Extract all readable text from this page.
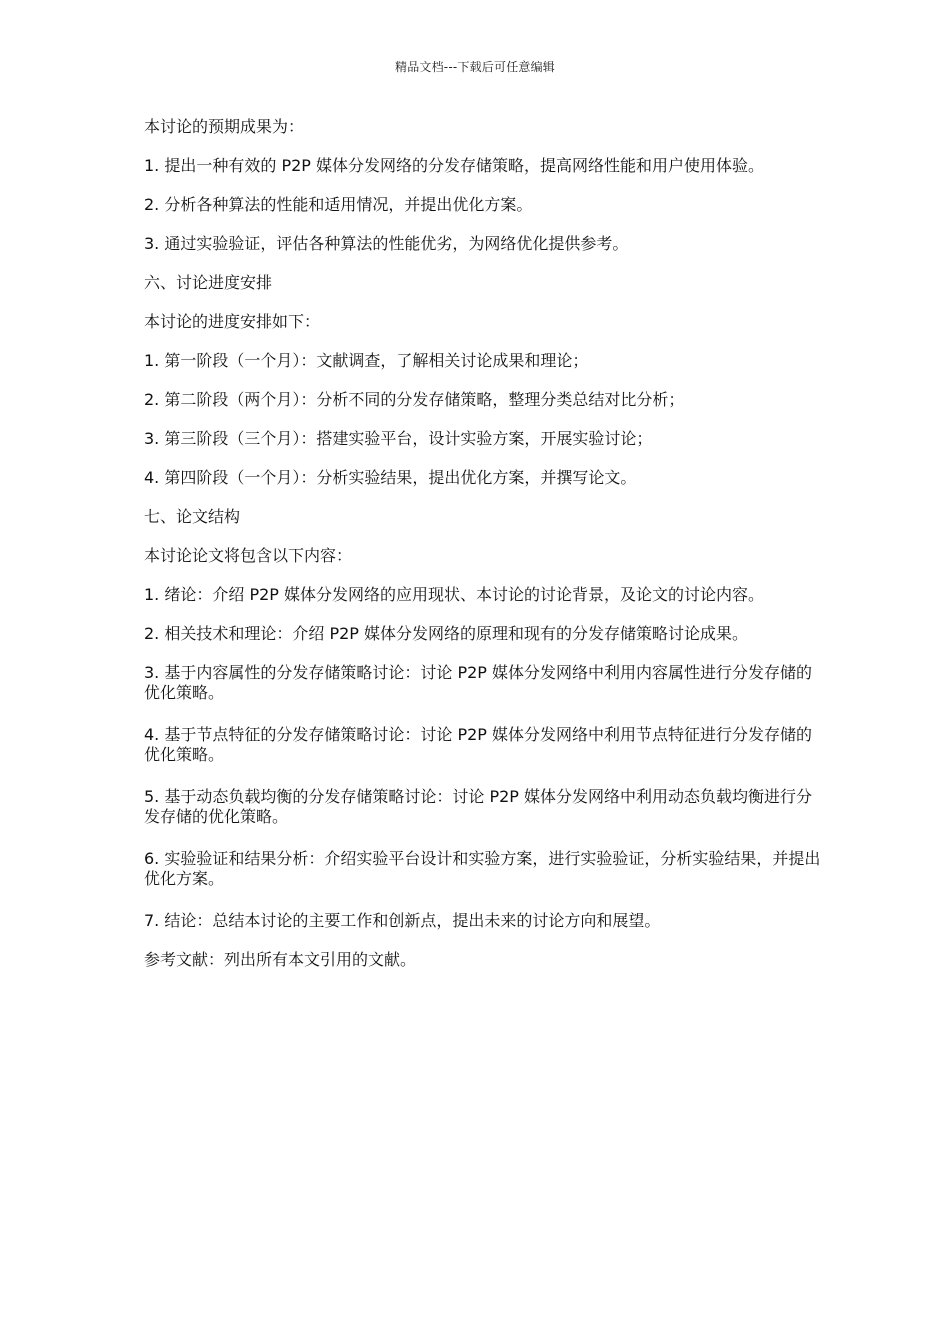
精品文档---下载后可任意编辑

本讨论的预期成果为：

1. 提出一种有效的 P2P 媒体分发网络的分发存储策略，提高网络性能和用户使用体验。

2. 分析各种算法的性能和适用情况，并提出优化方案。

3. 通过实验验证，评估各种算法的性能优劣，为网络优化提供参考。

六、讨论进度安排

本讨论的进度安排如下：

1. 第一阶段（一个月）：文献调查，了解相关讨论成果和理论；

2. 第二阶段（两个月）：分析不同的分发存储策略，整理分类总结对比分析；

3. 第三阶段（三个月）：搭建实验平台，设计实验方案，开展实验讨论；

4. 第四阶段（一个月）：分析实验结果，提出优化方案，并撰写论文。

七、论文结构

本讨论论文将包含以下内容：

1. 绪论：介绍 P2P 媒体分发网络的应用现状、本讨论的讨论背景，及论文的讨论内容。

2. 相关技术和理论：介绍 P2P 媒体分发网络的原理和现有的分发存储策略讨论成果。

3. 基于内容属性的分发存储策略讨论：讨论 P2P 媒体分发网络中利用内容属性进行分发存储的优化策略。

4. 基于节点特征的分发存储策略讨论：讨论 P2P 媒体分发网络中利用节点特征进行分发存储的优化策略。

5. 基于动态负载均衡的分发存储策略讨论：讨论 P2P 媒体分发网络中利用动态负载均衡进行分发存储的优化策略。

6. 实验验证和结果分析：介绍实验平台设计和实验方案，进行实验验证，分析实验结果，并提出优化方案。

7. 结论：总结本讨论的主要工作和创新点，提出未来的讨论方向和展望。

参考文献：列出所有本文引用的文献。
